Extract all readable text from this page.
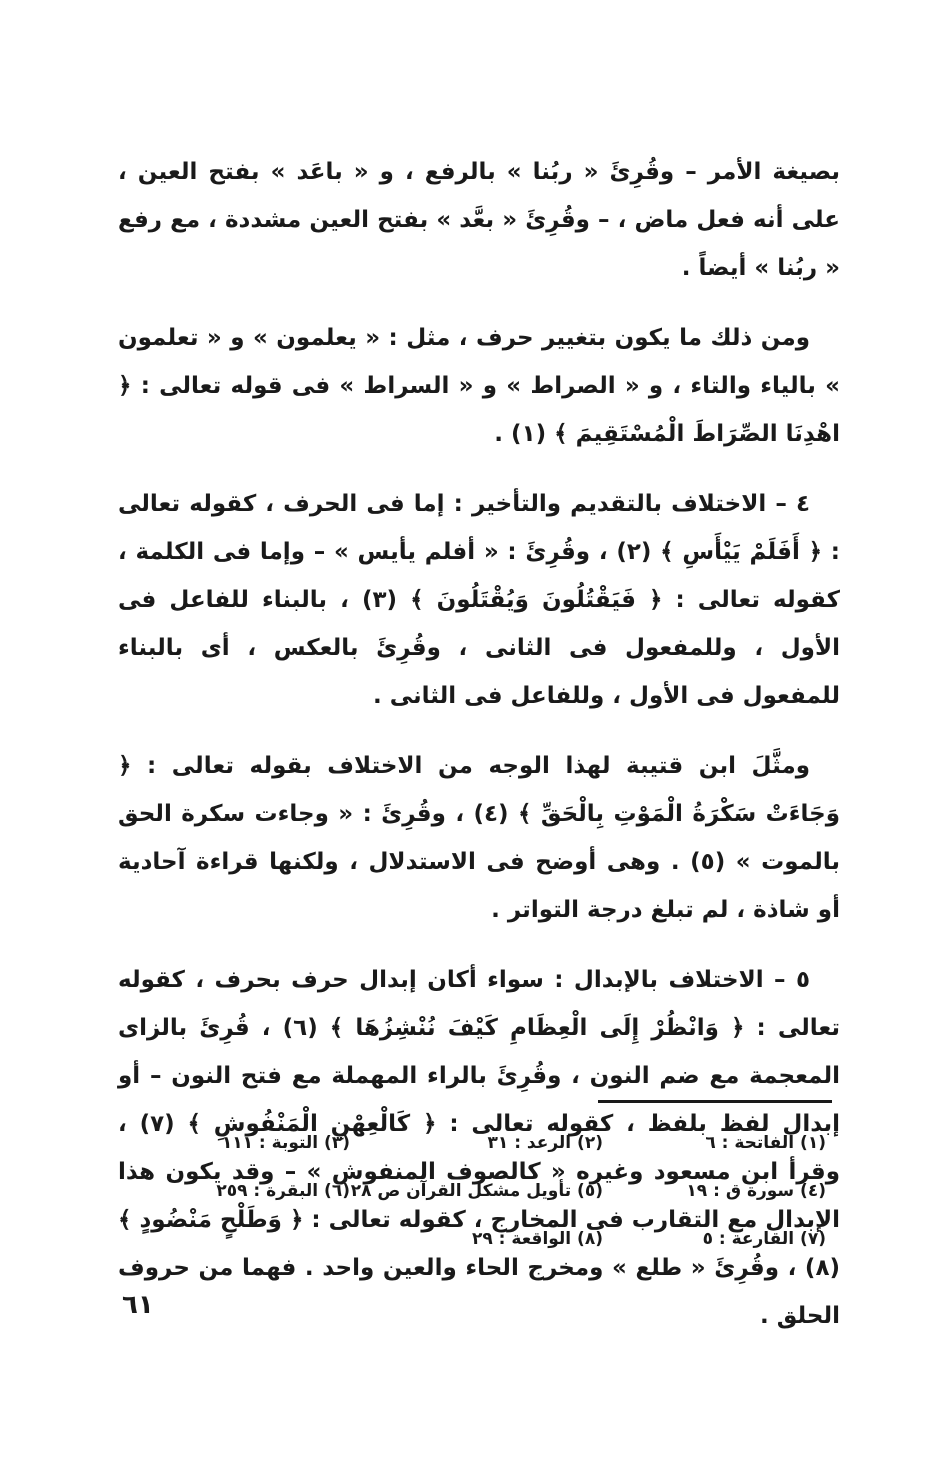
بصيغة الأمر – وقُرِئَ « ربُنا » بالرفع ، و « باعَد » بفتح العين ، على أنه فعل ماض ، – وقُرِئَ « بعَّد » بفتح العين مشددة ، مع رفع « ربُنا » أيضاً .

ومن ذلك ما يكون بتغيير حرف ، مثل : « يعلمون » و « تعلمون » بالياء والتاء ، و « الصراط » و « السراط » فى قوله تعالى : ﴿ اهْدِنَا الصِّرَاطَ الْمُسْتَقِيمَ ﴾ (١) .

٤ – الاختلاف بالتقديم والتأخير : إما فى الحرف ، كقوله تعالى : ﴿ أَفَلَمْ يَيْأَسِ ﴾ (٢) ، وقُرِئَ : « أفلم يأيس » – وإما فى الكلمة ، كقوله تعالى : ﴿ فَيَقْتُلُونَ وَيُقْتَلُونَ ﴾ (٣) ، بالبناء للفاعل فى الأول ، وللمفعول فى الثانى ، وقُرِئَ بالعكس ، أى بالبناء للمفعول فى الأول ، وللفاعل فى الثانى .

ومثَّلَ ابن قتيبة لهذا الوجه من الاختلاف بقوله تعالى : ﴿ وَجَاءَتْ سَكْرَةُ الْمَوْتِ بِالْحَقِّ ﴾ (٤) ، وقُرِئَ : « وجاءت سكرة الحق بالموت » (٥) . وهى أوضح فى الاستدلال ، ولكنها قراءة آحادية أو شاذة ، لم تبلغ درجة التواتر .

٥ – الاختلاف بالإبدال : سواء أكان إبدال حرف بحرف ، كقوله تعالى : ﴿ وَانْظُرْ إِلَى الْعِظَامِ كَيْفَ نُنْشِزُهَا ﴾ (٦) ، قُرِئَ بالزاى المعجمة مع ضم النون ، وقُرِئَ بالراء المهملة مع فتح النون – أو إبدال لفظ بلفظ ، كقوله تعالى : ﴿ كَالْعِهْنِ الْمَنْفُوشِ ﴾ (٧) ، وقرأ ابن مسعود وغيره « كالصوف المنفوش » – وقد يكون هذا الإبدال مع التقارب فى المخارج ، كقوله تعالى : ﴿ وَطَلْحٍ مَنْضُودٍ ﴾ (٨) ، وقُرِئَ « طلع » ومخرج الحاء والعين واحد . فهما من حروف الحلق .

(١) الفاتحة : ٦
(٢) الرعد : ٣١
(٣) التوبة : ١١١
(٤) سورة ق : ١٩
(٥) تأويل مشكل القرآن ص ٢٨
(٦) البقرة : ٢٥٩
(٧) القارعة : ٥
(٨) الواقعة : ٢٩
٦١
